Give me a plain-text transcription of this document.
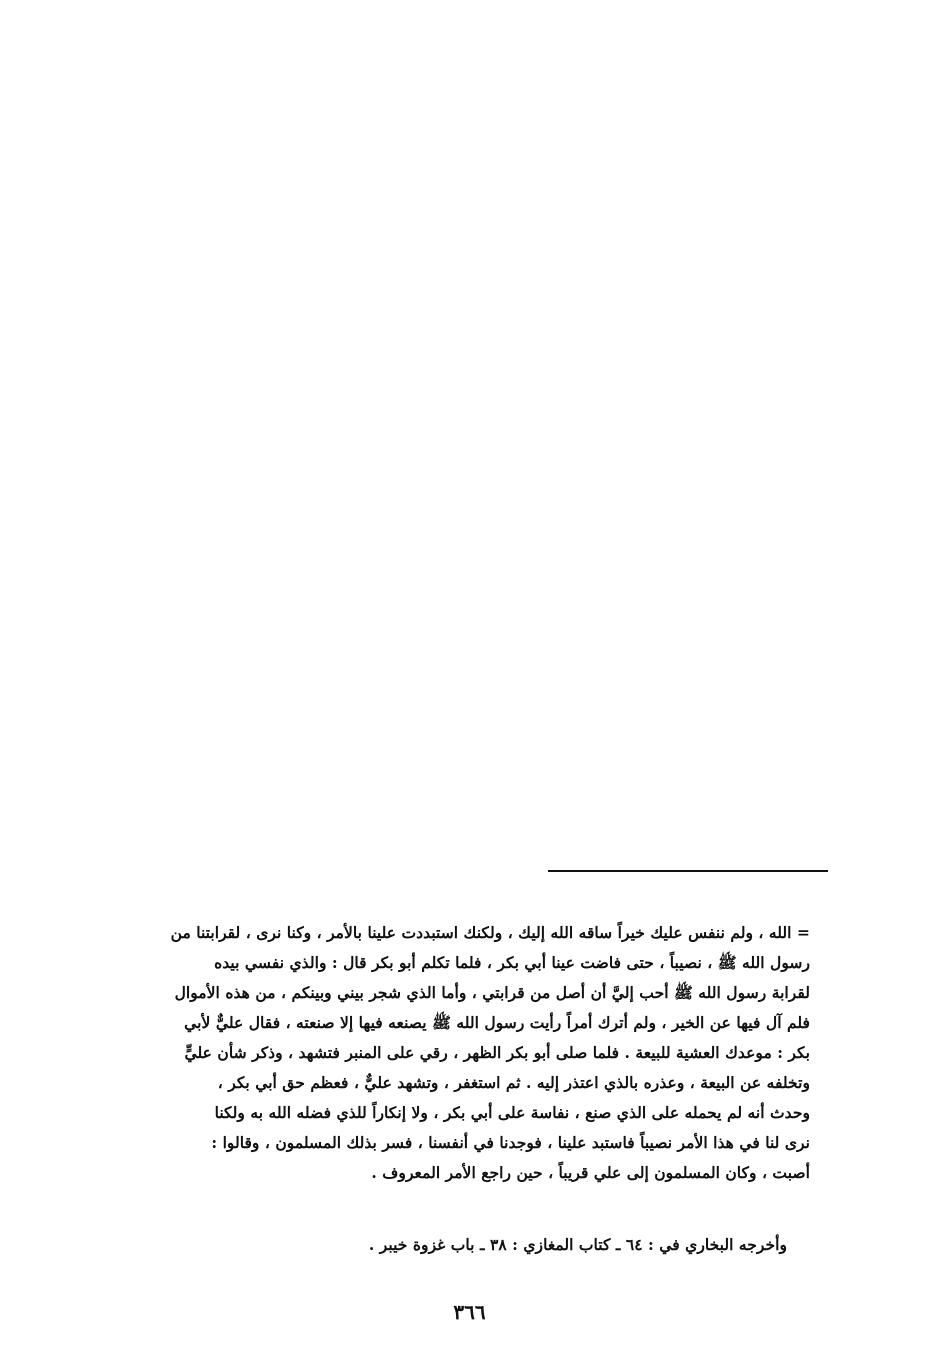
= الله ، ولم ننفس عليك خيراً ساقه الله إليك ، ولكنك استبددت علينا بالأمر ، وكنا نرى ، لقرابتنا من
رسول الله ﷺ ، نصيباً ، حتى فاضت عينا أبي بكر ، فلما تكلم أبو بكر قال : والذي نفسي بيده
لقرابة رسول الله ﷺ أحب إليَّ أن أصل من قرابتي ، وأما الذي شجر بيني وبينكم ، من هذه الأموال
فلم آل فيها عن الخير ، ولم أترك أمراً رأيت رسول الله ﷺ يصنعه فيها إلا صنعته ، فقال عليٌّ لأبي
بكر : موعدك العشية للبيعة . فلما صلى أبو بكر الظهر ، رقي على المنبر فتشهد ، وذكر شأن عليٍّ
وتخلفه عن البيعة ، وعذره بالذي اعتذر إليه . ثم استغفر ، وتشهد عليٌّ ، فعظم حق أبي بكر ،
وحدث أنه لم يحمله على الذي صنع ، نفاسة على أبي بكر ، ولا إنكاراً للذي فضله الله به ولكنا
نرى لنا في هذا الأمر نصيباً فاستبد علينا ، فوجدنا في أنفسنا ، فسر بذلك المسلمون ، وقالوا :
أصبت ، وكان المسلمون إلى علي قريباً ، حين راجع الأمر المعروف .
وأخرجه البخاري في : ٦٤ ـ كتاب المغازي : ٣٨ ـ باب غزوة خيبر .
٣٦٦
